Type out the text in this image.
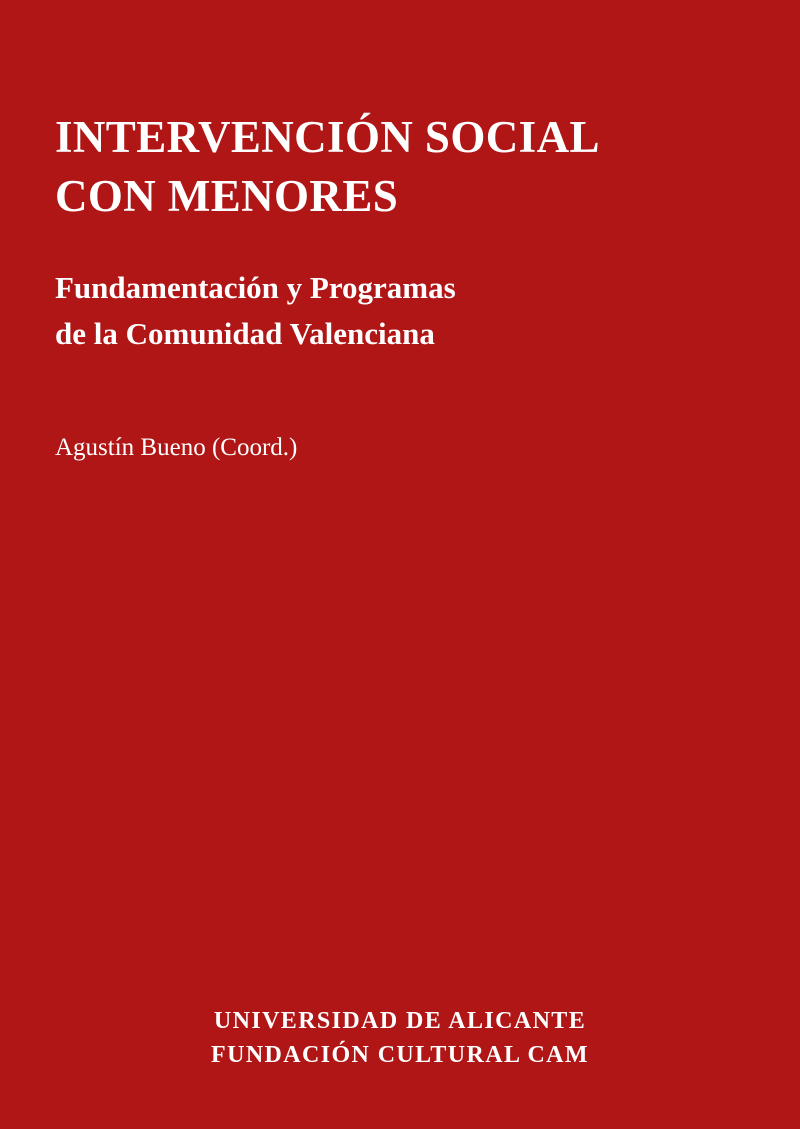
INTERVENCIÓN SOCIAL
CON MENORES
Fundamentación y Programas
de la Comunidad Valenciana
Agustín Bueno (Coord.)
UNIVERSIDAD DE ALICANTE
FUNDACIÓN CULTURAL CAM
